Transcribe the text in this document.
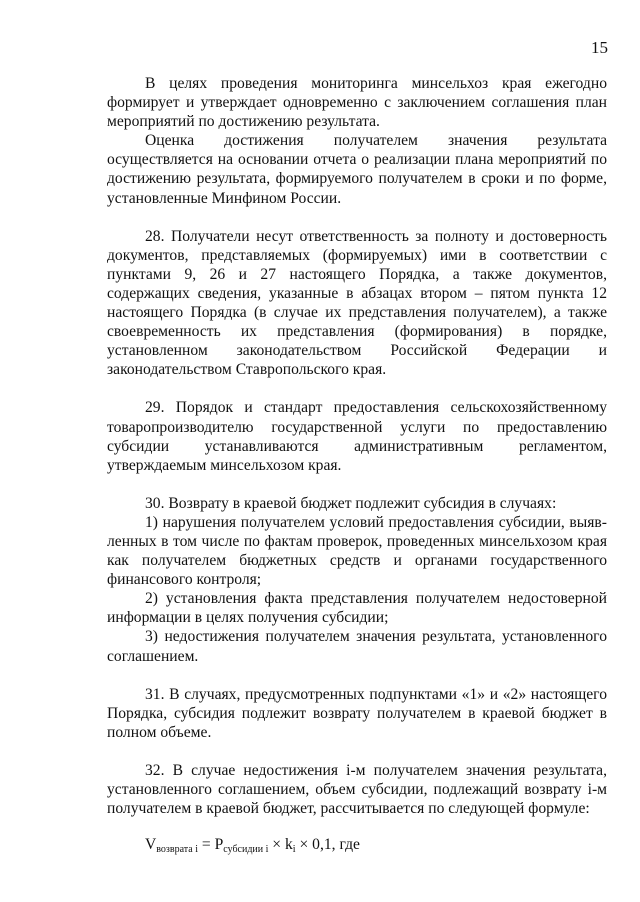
15

В целях проведения мониторинга минсельхоз края ежегодно формирует и утверждает одновременно с заключением соглашения план мероприятий по достижению результата.

Оценка достижения получателем значения результата осуществляется на основании отчета о реализации плана мероприятий по достижению результата, формируемого получателем в сроки и по форме, установленные Минфином России.

28. Получатели несут ответственность за полноту и достоверность документов, представляемых (формируемых) ими в соответствии с пунктами 9, 26 и 27 настоящего Порядка, а также документов, содержащих сведения, указанные в абзацах втором – пятом пункта 12 настоящего Порядка (в случае их представления получателем), а также своевременность их представления (формирования) в порядке, установленном законодательством Российской Федерации и законодательством Ставропольского края.

29. Порядок и стандарт предоставления сельскохозяйственному товаропроизводителю государственной услуги по предоставлению субсидии устанавливаются административным регламентом, утверждаемым минсельхозом края.

30. Возврату в краевой бюджет подлежит субсидия в случаях:

1) нарушения получателем условий предоставления субсидии, выявленных в том числе по фактам проверок, проведенных минсельхозом края как получателем бюджетных средств и органами государственного финансового контроля;

2) установления факта представления получателем недостоверной информации в целях получения субсидии;

3) недостижения получателем значения результата, установленного соглашением.

31. В случаях, предусмотренных подпунктами «1» и «2» настоящего Порядка, субсидия подлежит возврату получателем в краевой бюджет в полном объеме.

32. В случае недостижения i-м получателем значения результата, установленного соглашением, объем субсидии, подлежащий возврату i-м получателем в краевой бюджет, рассчитывается по следующей формуле:

$V_{возврата i} = P_{субсидии i} \times k_i \times 0,1$, где
